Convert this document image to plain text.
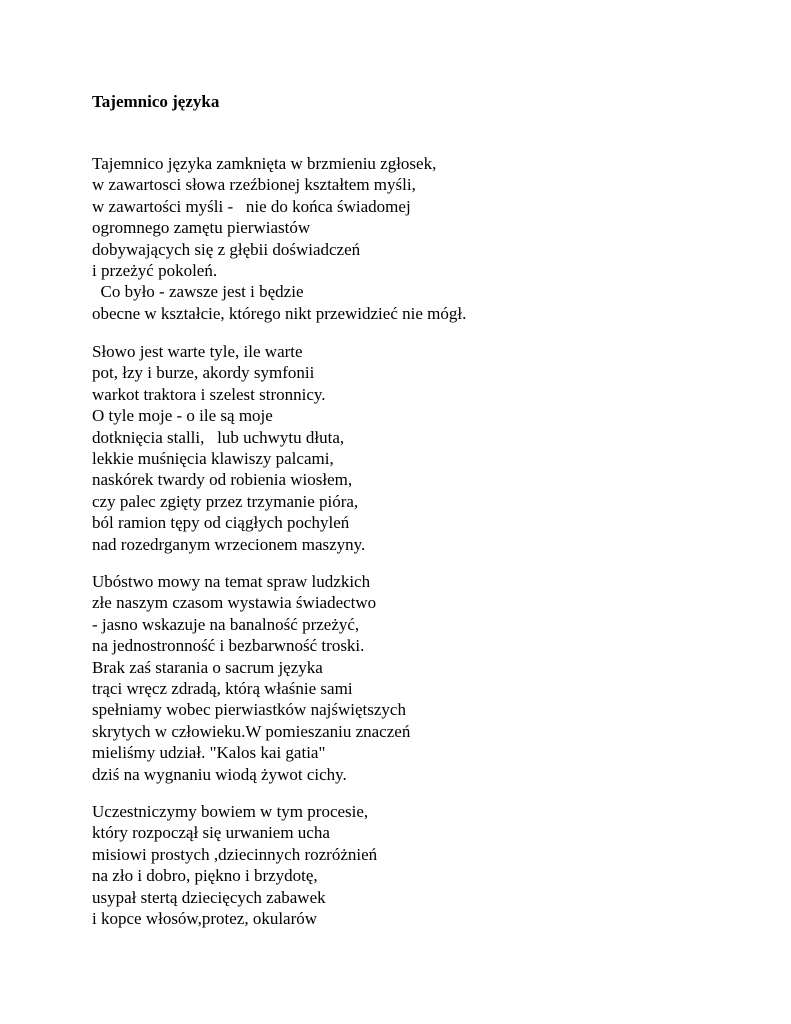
Tajemnico języka
Tajemnico języka zamknięta w brzmieniu zgłosek,
w zawartosci słowa rzeźbionej kształtem myśli,
w zawartości myśli -   nie do końca świadomej
ogromnego zamętu pierwiastów
dobywających się z głębii doświadczeń
i przeżyć pokoleń.
Co było - zawsze jest i będzie
obecne w kształcie, którego nikt przewidzieć nie mógł.
Słowo jest warte tyle, ile warte
pot, łzy i burze, akordy symfonii
warkot traktora i szelest stronnicy.
O tyle moje - o ile są moje
dotknięcia stalli,   lub uchwytu dłuta,
lekkie muśnięcia klawiszy palcami,
naskórek twardy od robienia wiosłem,
czy palec zgięty przez trzymanie pióra,
ból ramion tępy od ciągłych pochyleń
nad rozedrganym wrzecionem maszyny.
Ubóstwo mowy na temat spraw ludzkich
złe naszym czasom wystawia świadectwo
- jasno wskazuje na banalność przeżyć,
na jednostronność i bezbarwność troski.
Brak zaś starania o sacrum języka
trąci wręcz zdradą, którą właśnie sami
spełniamy wobec pierwiastków najświętszych
skrytych w człowieku.W pomieszaniu znaczeń
mieliśmy udział. "Kalos kai gatia"
dziś na wygnaniu wiodą żywot cichy.
Uczestniczymy bowiem w tym procesie,
który rozpoczął się urwaniem ucha
misiowi prostych ,dziecinnych rozróżnień
na zło i dobro, piękno i brzydotę,
usypał stertą dziecięcych zabawek
i kopce włosów,protez, okularów
